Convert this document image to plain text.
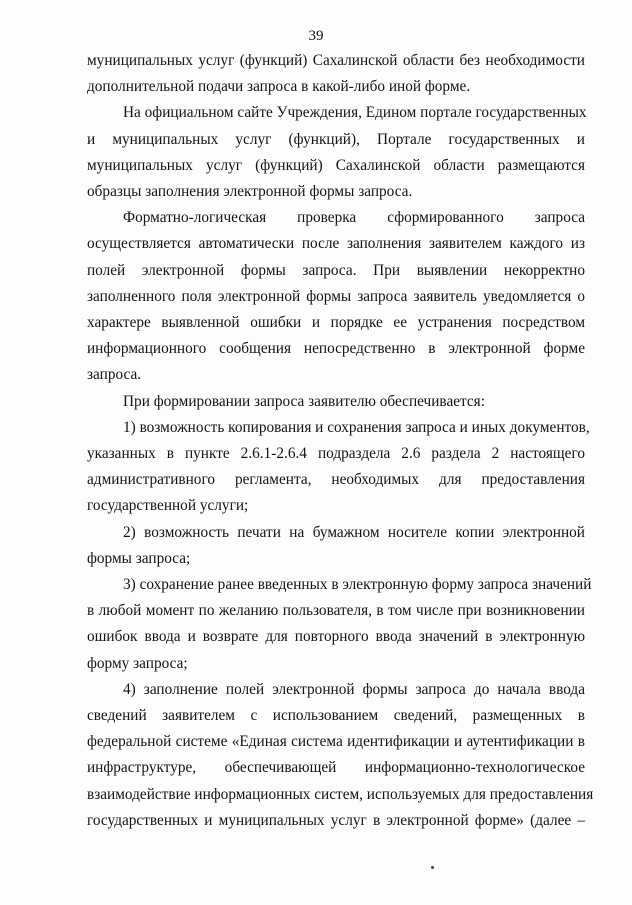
39
муниципальных услуг (функций) Сахалинской области без необходимости
дополнительной подачи запроса в какой-либо иной форме.
На официальном сайте Учреждения, Едином портале государственных
и муниципальных услуг (функций), Портале государственных и
муниципальных услуг (функций) Сахалинской области размещаются
образцы заполнения электронной формы запроса.
Форматно-логическая проверка сформированного запроса
осуществляется автоматически после заполнения заявителем каждого из
полей электронной формы запроса. При выявлении некорректно
заполненного поля электронной формы запроса заявитель уведомляется о
характере выявленной ошибки и порядке ее устранения посредством
информационного сообщения непосредственно в электронной форме
запроса.
При формировании запроса заявителю обеспечивается:
1) возможность копирования и сохранения запроса и иных документов,
указанных в пункте 2.6.1-2.6.4 подраздела 2.6 раздела 2 настоящего
административного регламента, необходимых для предоставления
государственной услуги;
2) возможность печати на бумажном носителе копии электронной
формы запроса;
3) сохранение ранее введенных в электронную форму запроса значений
в любой момент по желанию пользователя, в том числе при возникновении
ошибок ввода и возврате для повторного ввода значений в электронную
форму запроса;
4) заполнение полей электронной формы запроса до начала ввода
сведений заявителем с использованием сведений, размещенных в
федеральной системе «Единая система идентификации и аутентификации в
инфраструктуре, обеспечивающей информационно-технологическое
взаимодействие информационных систем, используемых для предоставления
государственных и муниципальных услуг в электронной форме» (далее –
